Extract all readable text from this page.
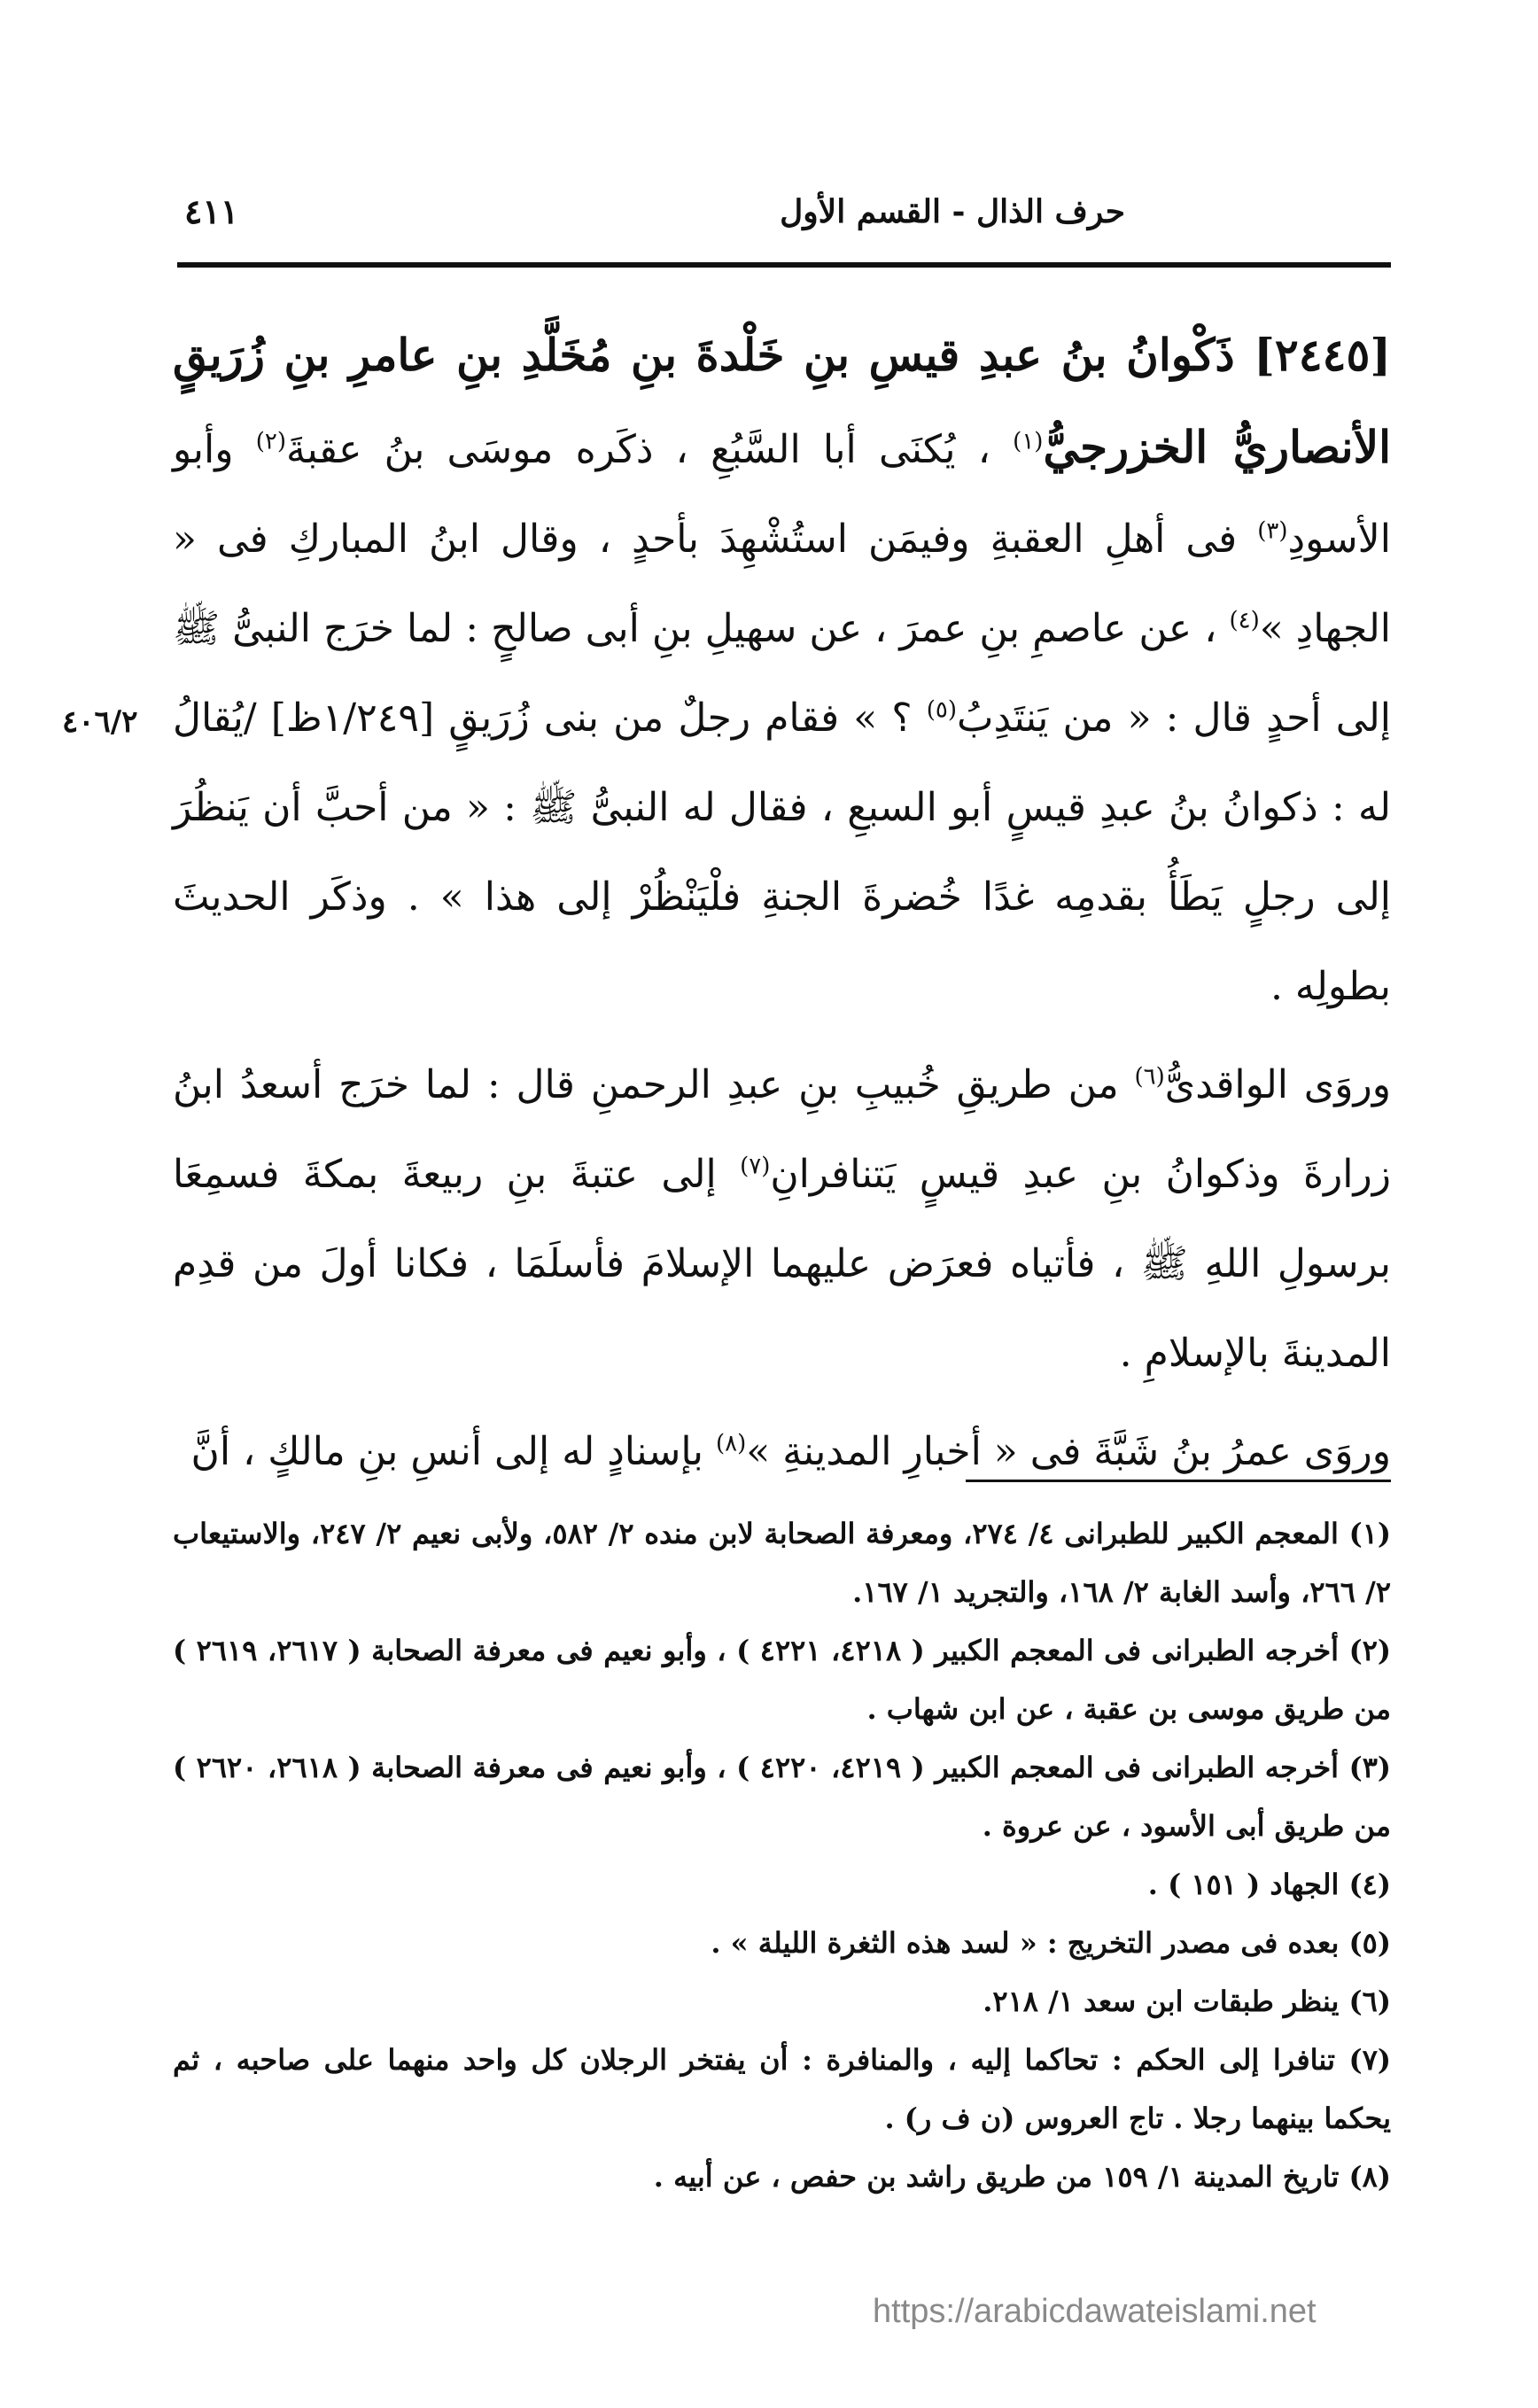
حرف الذال - القسم الأول
٤١١
٤٠٦/٢

[٢٤٤٥] ذَكْوانُ بنُ عبدِ قيسِ بنِ خَلْدةَ بنِ مُخَلَّدِ بنِ عامرِ بنِ زُرَيقٍ الأنصاريُّ الخزرجيُّ$^{(١)}$ ، يُكنَى أبا السَّبُعِ ، ذكَره موسَى بنُ عقبةَ$^{(٢)}$ وأبو الأسودِ$^{(٣)}$ فى أهلِ العقبةِ وفيمَن استُشْهِدَ بأحدٍ ، وقال ابنُ المباركِ فى « الجهادِ »$^{(٤)}$ ، عن عاصمِ بنِ عمرَ ، عن سهيلِ بنِ أبى صالحٍ : لما خرَج النبىُّ ﷺ إلى أحدٍ قال : « من يَنتَدِبُ$^{(٥)}$ ؟ » فقام رجلٌ من بنى زُرَيقٍ [١/٢٤٩ظ] /يُقالُ له : ذكوانُ بنُ عبدِ قيسٍ أبو السبعِ ، فقال له النبىُّ ﷺ : « من أحبَّ أن يَنظُرَ إلى رجلٍ يَطَأُ بقدمِه غدًا خُضرةَ الجنةِ فلْيَنْظُرْ إلى هذا » . وذكَر الحديثَ بطولِه .

وروَى الواقدىُّ$^{(٦)}$ من طريقِ خُبيبِ بنِ عبدِ الرحمنِ قال : لما خرَج أسعدُ ابنُ زرارةَ وذكوانُ بنِ عبدِ قيسٍ يَتنافرانِ$^{(٧)}$ إلى عتبةَ بنِ ربيعةَ بمكةَ فسمِعَا برسولِ اللهِ ﷺ ، فأتياه فعرَض عليهما الإسلامَ فأسلَمَا ، فكانا أولَ من قدِم المدينةَ بالإسلامِ .

وروَى عمرُ بنُ شَبَّةَ فى « أخبارِ المدينةِ »$^{(٨)}$ بإسنادٍ له إلى أنسِ بنِ مالكٍ ، أنَّ

(١) المعجم الكبير للطبرانى ٤/ ٢٧٤، ومعرفة الصحابة لابن منده ٢/ ٥٨٢، ولأبى نعيم ٢/ ٢٤٧، والاستيعاب ٢/ ٢٦٦، وأسد الغابة ٢/ ١٦٨، والتجريد ١/ ١٦٧.

(٢) أخرجه الطبرانى فى المعجم الكبير ( ٤٢١٨، ٤٢٢١ ) ، وأبو نعيم فى معرفة الصحابة ( ٢٦١٧، ٢٦١٩ ) من طريق موسى بن عقبة ، عن ابن شهاب .

(٣) أخرجه الطبرانى فى المعجم الكبير ( ٤٢١٩، ٤٢٢٠ ) ، وأبو نعيم فى معرفة الصحابة ( ٢٦١٨، ٢٦٢٠ ) من طريق أبى الأسود ، عن عروة .

(٤) الجهاد ( ١٥١ ) .

(٥) بعده فى مصدر التخريج : « لسد هذه الثغرة الليلة » .

(٦) ينظر طبقات ابن سعد ١/ ٢١٨.

(٧) تنافرا إلى الحكم : تحاكما إليه ، والمنافرة : أن يفتخر الرجلان كل واحد منهما على صاحبه ، ثم يحكما بينهما رجلا . تاج العروس (ن ف ر) .

(٨) تاريخ المدينة ١/ ١٥٩ من طريق راشد بن حفص ، عن أبيه .

https://arabicdawateislami.net
